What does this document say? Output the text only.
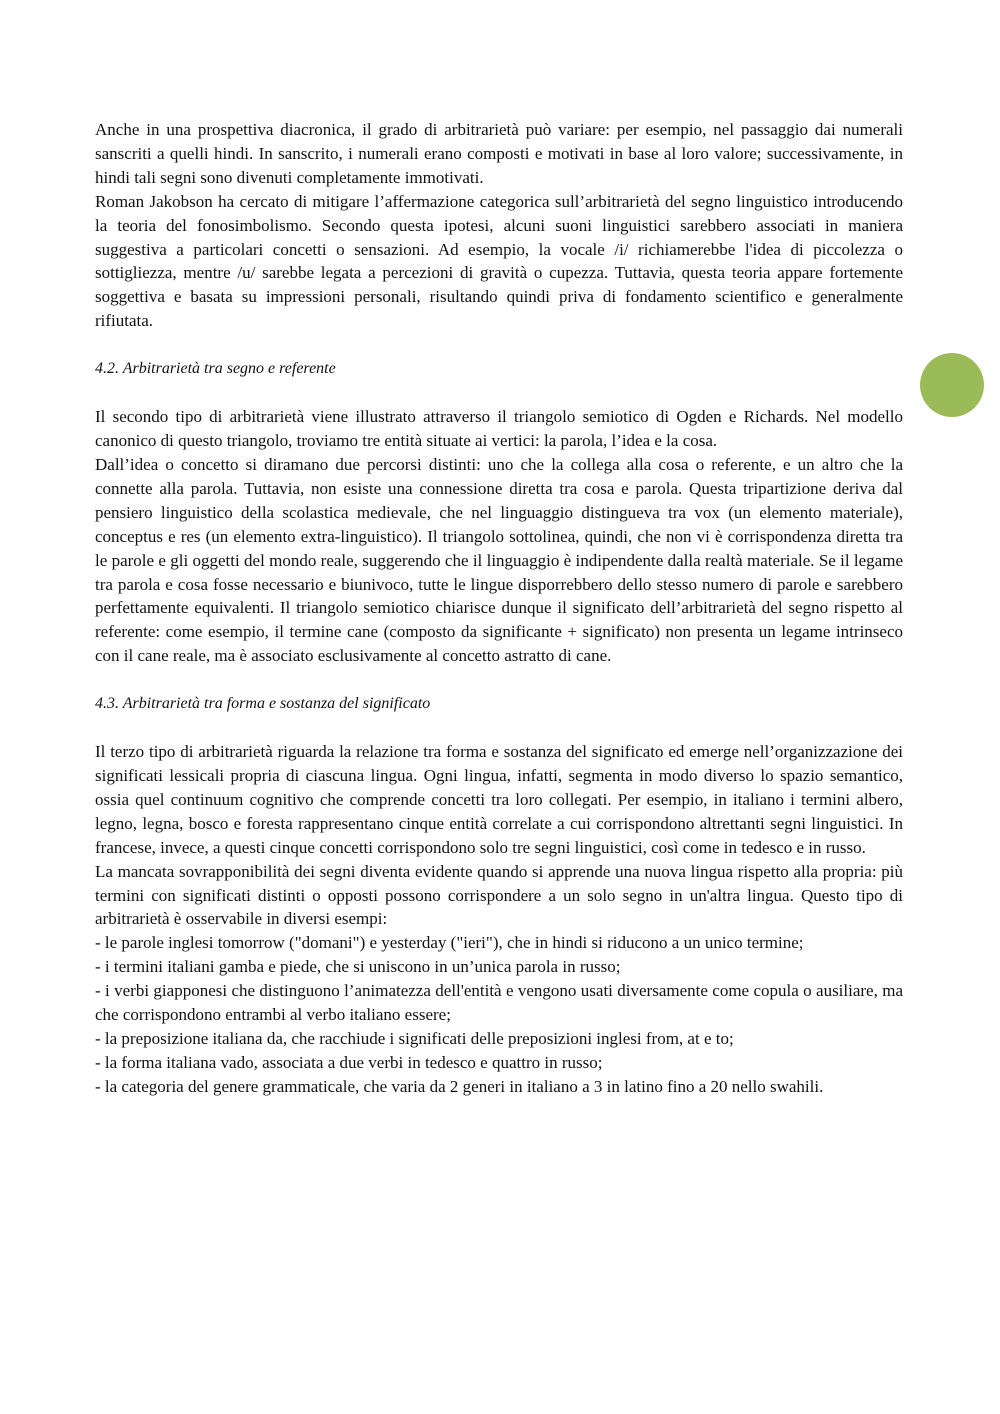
Anche in una prospettiva diacronica, il grado di arbitrarietà può variare: per esempio, nel passaggio dai numerali sanscriti a quelli hindi. In sanscrito, i numerali erano composti e motivati in base al loro valore; successivamente, in hindi tali segni sono divenuti completamente immotivati.

Roman Jakobson ha cercato di mitigare l’affermazione categorica sull’arbitrarietà del segno linguistico introducendo la teoria del fonosimbolismo. Secondo questa ipotesi, alcuni suoni linguistici sarebbero associati in maniera suggestiva a particolari concetti o sensazioni. Ad esempio, la vocale /i/ richiamerebbe l'idea di piccolezza o sottigliezza, mentre /u/ sarebbe legata a percezioni di gravità o cupezza. Tuttavia, questa teoria appare fortemente soggettiva e basata su impressioni personali, risultando quindi priva di fondamento scientifico e generalmente rifiutata.

4.2. Arbitrarietà tra segno e referente

Il secondo tipo di arbitrarietà viene illustrato attraverso il triangolo semiotico di Ogden e Richards. Nel modello canonico di questo triangolo, troviamo tre entità situate ai vertici: la parola, l’idea e la cosa.

Dall’idea o concetto si diramano due percorsi distinti: uno che la collega alla cosa o referente, e un altro che la connette alla parola. Tuttavia, non esiste una connessione diretta tra cosa e parola. Questa tripartizione deriva dal pensiero linguistico della scolastica medievale, che nel linguaggio distingueva tra vox (un elemento materiale), conceptus e res (un elemento extra-linguistico). Il triangolo sottolinea, quindi, che non vi è corrispondenza diretta tra le parole e gli oggetti del mondo reale, suggerendo che il linguaggio è indipendente dalla realtà materiale. Se il legame tra parola e cosa fosse necessario e biunivoco, tutte le lingue disporrebbero dello stesso numero di parole e sarebbero perfettamente equivalenti. Il triangolo semiotico chiarisce dunque il significato dell’arbitrarietà del segno rispetto al referente: come esempio, il termine cane (composto da significante + significato) non presenta un legame intrinseco con il cane reale, ma è associato esclusivamente al concetto astratto di cane.

4.3. Arbitrarietà tra forma e sostanza del significato

Il terzo tipo di arbitrarietà riguarda la relazione tra forma e sostanza del significato ed emerge nell’organizzazione dei significati lessicali propria di ciascuna lingua. Ogni lingua, infatti, segmenta in modo diverso lo spazio semantico, ossia quel continuum cognitivo che comprende concetti tra loro collegati. Per esempio, in italiano i termini albero, legno, legna, bosco e foresta rappresentano cinque entità correlate a cui corrispondono altrettanti segni linguistici. In francese, invece, a questi cinque concetti corrispondono solo tre segni linguistici, così come in tedesco e in russo.

La mancata sovrapponibilità dei segni diventa evidente quando si apprende una nuova lingua rispetto alla propria: più termini con significati distinti o opposti possono corrispondere a un solo segno in un'altra lingua. Questo tipo di arbitrarietà è osservabile in diversi esempi:

- le parole inglesi tomorrow ("domani") e yesterday ("ieri"), che in hindi si riducono a un unico termine;

- i termini italiani gamba e piede, che si uniscono in un’unica parola in russo;

- i verbi giapponesi che distinguono l’animatezza dell'entità e vengono usati diversamente come copula o ausiliare, ma che corrispondono entrambi al verbo italiano essere;

- la preposizione italiana da, che racchiude i significati delle preposizioni inglesi from, at e to;

- la forma italiana vado, associata a due verbi in tedesco e quattro in russo;

- la categoria del genere grammaticale, che varia da 2 generi in italiano a 3 in latino fino a 20 nello swahili.
